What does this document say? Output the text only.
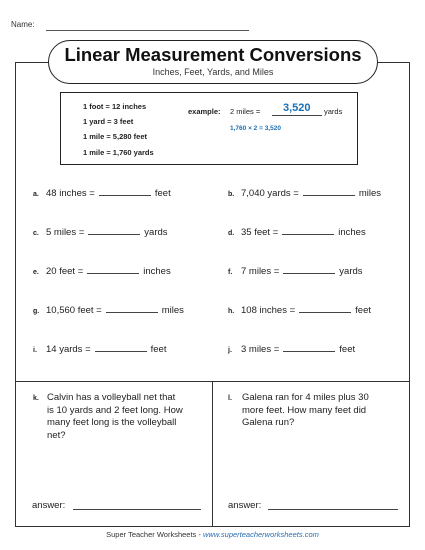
Name:
Linear Measurement Conversions
Inches, Feet, Yards, and Miles
1 foot = 12 inches
1 yard = 3 feet
1 mile = 5,280 feet
1 mile = 1,760 yards
example: 2 miles = 3,520 yards
1,760 × 2 = 3,520
a. 48 inches =	feet	b. 7,040 yards =	miles
c. 5 miles =	yards	d. 35 feet =	inches
e. 20 feet =	inches	f. 7 miles =	yards
g. 10,560 feet =	miles	h. 108 inches =	feet
i. 14 yards =	feet	j. 3 miles =	feet
k. Calvin has a volleyball net that
is 10 yards and 2 feet long. How
many feet long is the volleyball
net?
l. Galena ran for 4 miles plus 30
more feet. How many feet did
Galena run?
answer:	answer:
Super Teacher Worksheets - www.superteacherworksheets.com
